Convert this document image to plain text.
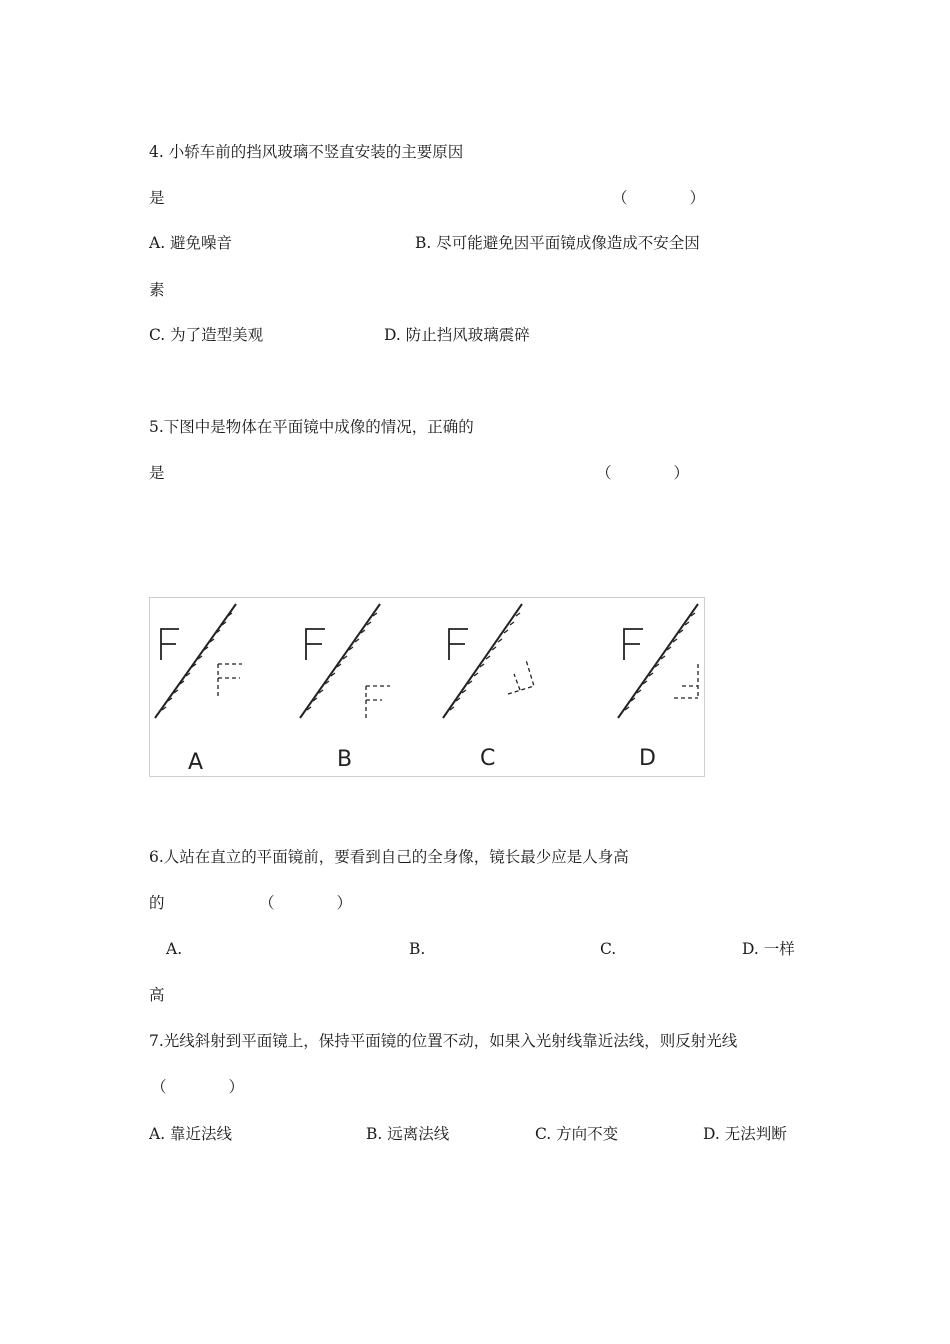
4. 小轿车前的挡风玻璃不竖直安装的主要原因
是	（　　　　）
A. 避免噪音	B. 尽可能避免因平面镜成像造成不安全因
素
C. 为了造型美观	D. 防止挡风玻璃震碎
5.下图中是物体在平面镜中成像的情况，正确的
是	（　　　　）
A	B	C	D
6.人站在直立的平面镜前，要看到自己的全身像，镜长最少应是人身高
的	（　　　　）
A.	B.	C.	D. 一样
高
7.光线斜射到平面镜上，保持平面镜的位置不动，如果入光射线靠近法线，则反射光线
（　　　　）
A. 靠近法线	B. 远离法线	C. 方向不变	D. 无法判断
